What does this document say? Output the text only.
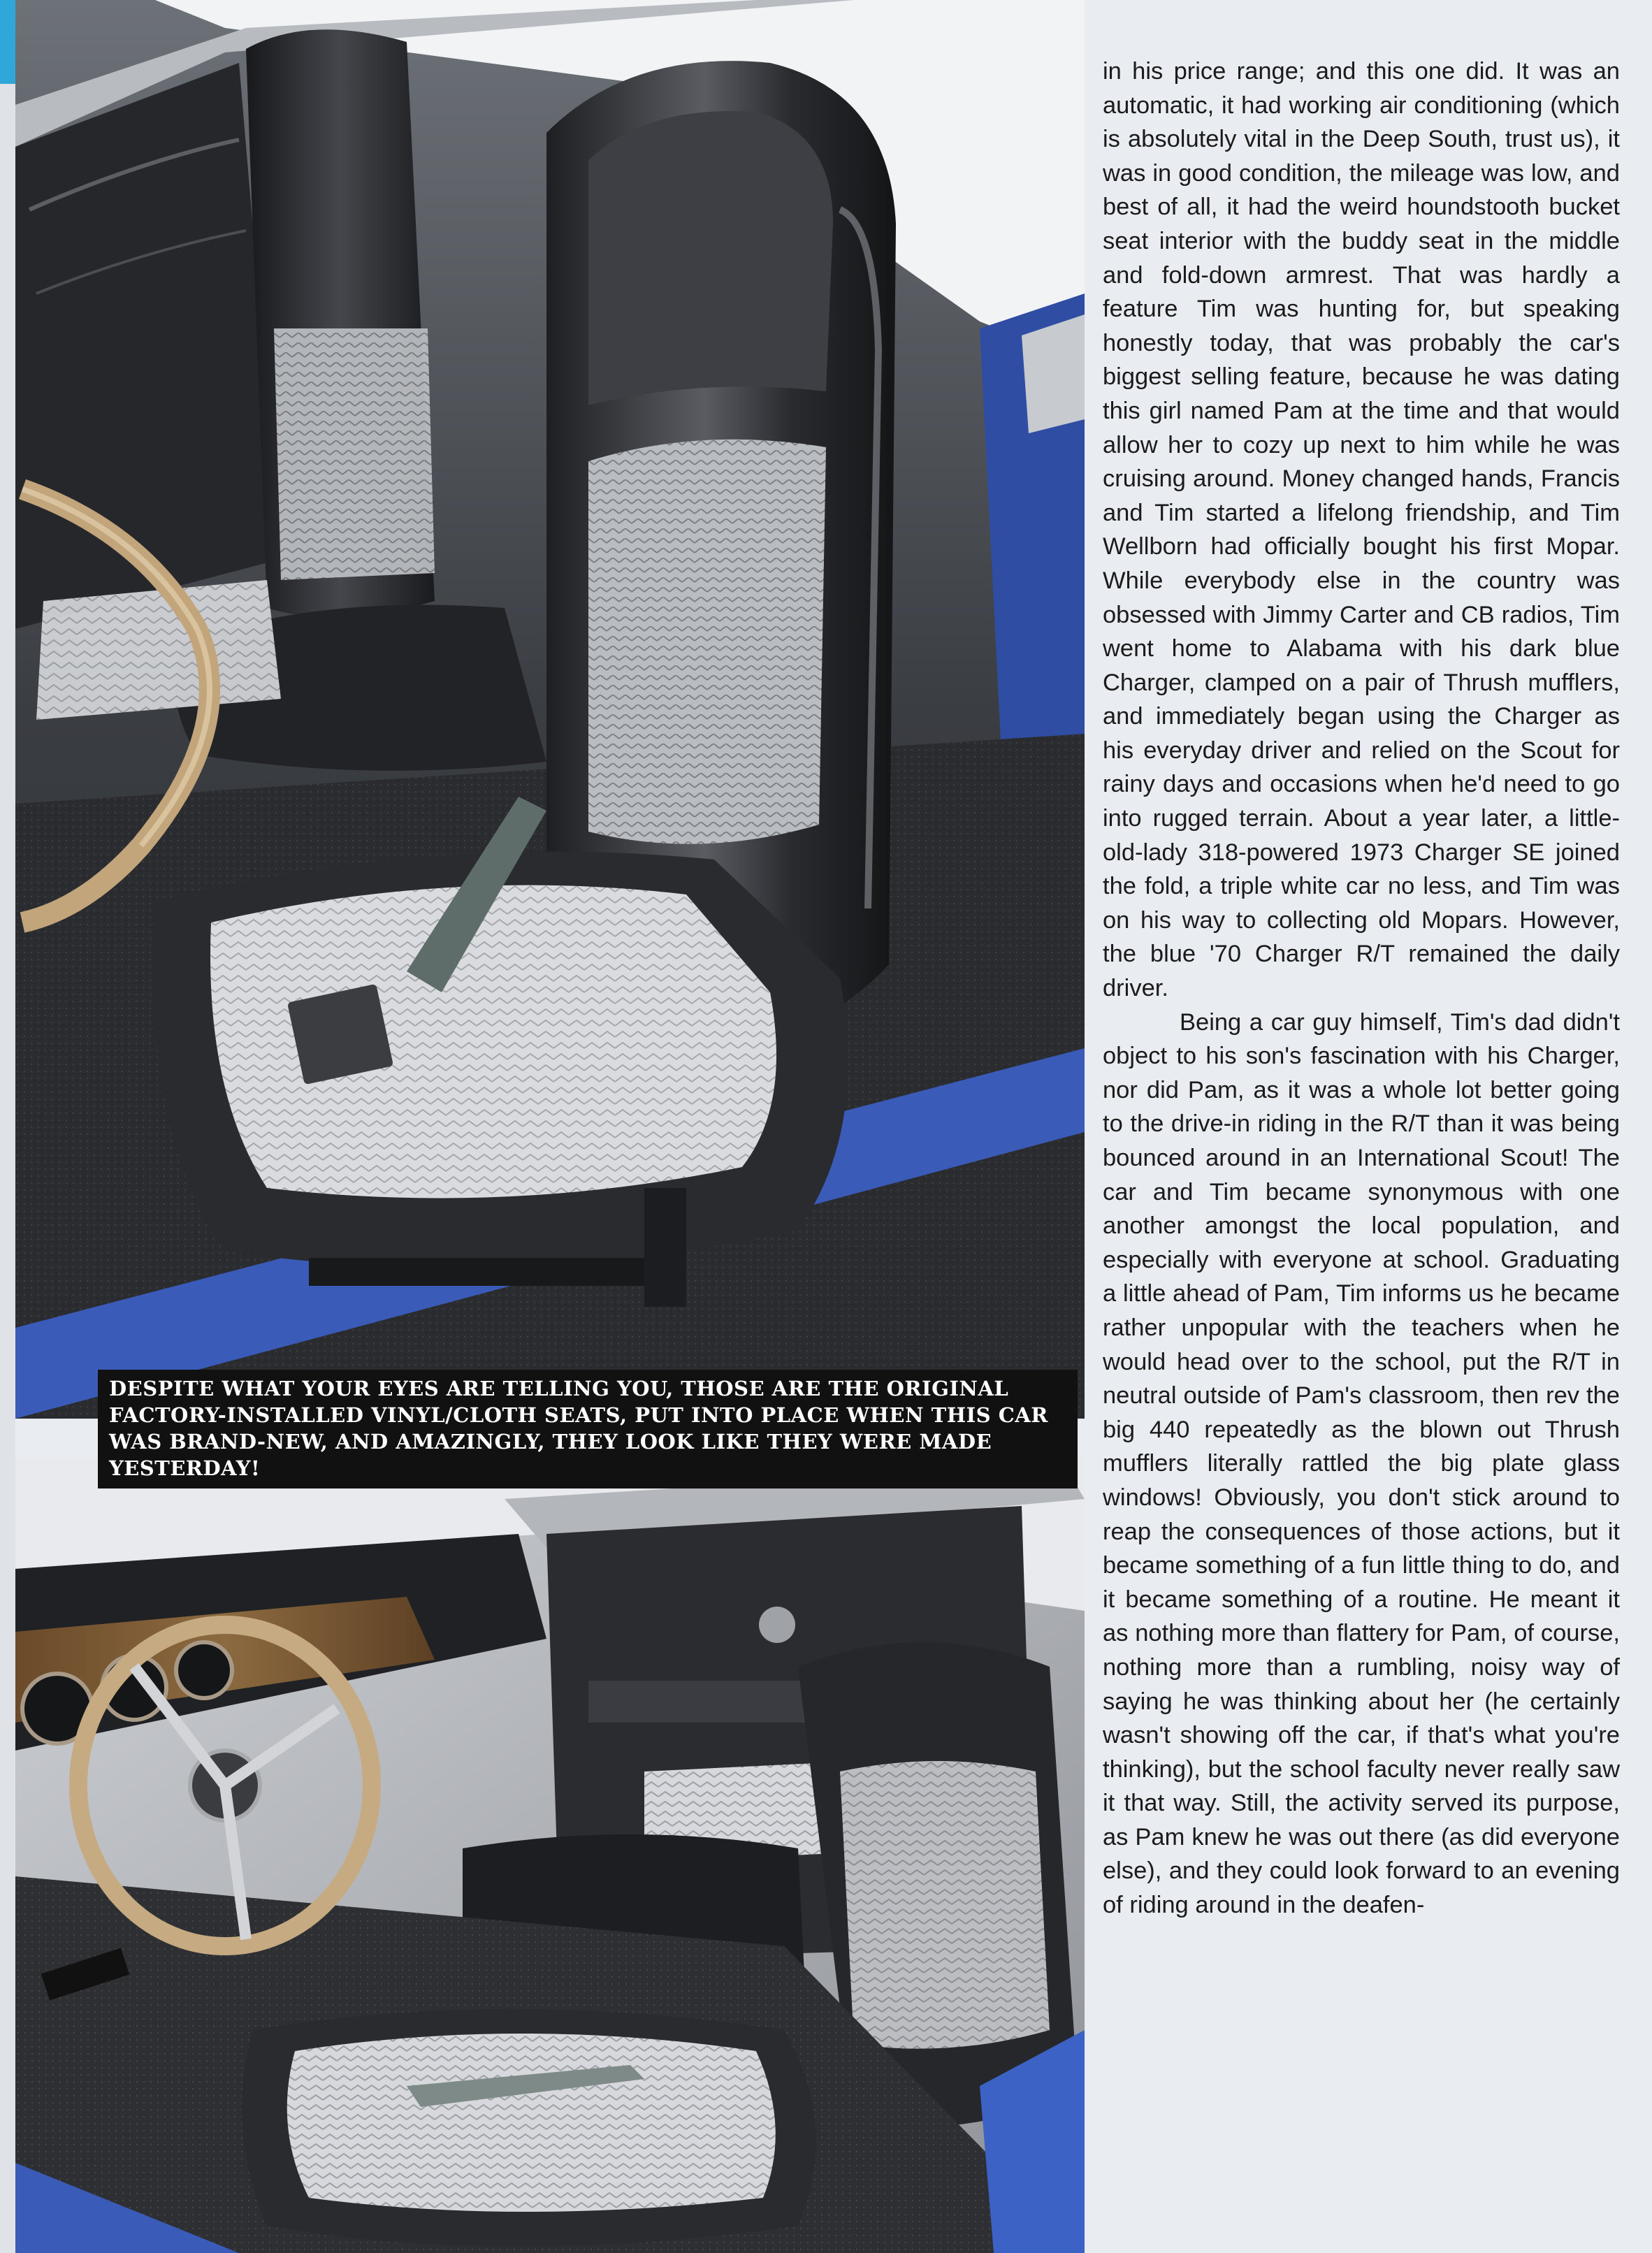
DESPITE WHAT YOUR EYES ARE TELLING YOU, THOSE ARE THE ORIGINAL FACTORY-INSTALLED VINYL/CLOTH SEATS, PUT INTO PLACE WHEN THIS CAR WAS BRAND-NEW, AND AMAZINGLY, THEY LOOK LIKE THEY WERE MADE YESTERDAY!

in his price range; and this one did. It was an automatic, it had working air conditioning (which is absolutely vital in the Deep South, trust us), it was in good condition, the mileage was low, and best of all, it had the weird houndstooth bucket seat interior with the buddy seat in the middle and fold-down armrest. That was hardly a feature Tim was hunting for, but speaking honestly today, that was probably the car's biggest selling feature, because he was dating this girl named Pam at the time and that would allow her to cozy up next to him while he was cruising around. Money changed hands, Francis and Tim started a lifelong friendship, and Tim Wellborn had officially bought his first Mopar. While everybody else in the country was obsessed with Jimmy Carter and CB radios, Tim went home to Alabama with his dark blue Charger, clamped on a pair of Thrush mufflers, and immediately began using the Charger as his everyday driver and relied on the Scout for rainy days and occasions when he'd need to go into rugged terrain. About a year later, a little-old-lady 318-powered 1973 Charger SE joined the fold, a triple white car no less, and Tim was on his way to collecting old Mopars. However, the blue '70 Charger R/T remained the daily driver.

Being a car guy himself, Tim's dad didn't object to his son's fascination with his Charger, nor did Pam, as it was a whole lot better going to the drive-in riding in the R/T than it was being bounced around in an International Scout! The car and Tim became synonymous with one another amongst the local population, and especially with everyone at school. Graduating a little ahead of Pam, Tim informs us he became rather unpopular with the teachers when he would head over to the school, put the R/T in neutral outside of Pam's classroom, then rev the big 440 repeatedly as the blown out Thrush mufflers literally rattled the big plate glass windows! Obviously, you don't stick around to reap the consequences of those actions, but it became something of a fun little thing to do, and it became something of a routine. He meant it as nothing more than flattery for Pam, of course, nothing more than a rumbling, noisy way of saying he was thinking about her (he certainly wasn't showing off the car, if that's what you're thinking), but the school faculty never really saw it that way. Still, the activity served its purpose, as Pam knew he was out there (as did everyone else), and they could look forward to an evening of riding around in the deafen-
